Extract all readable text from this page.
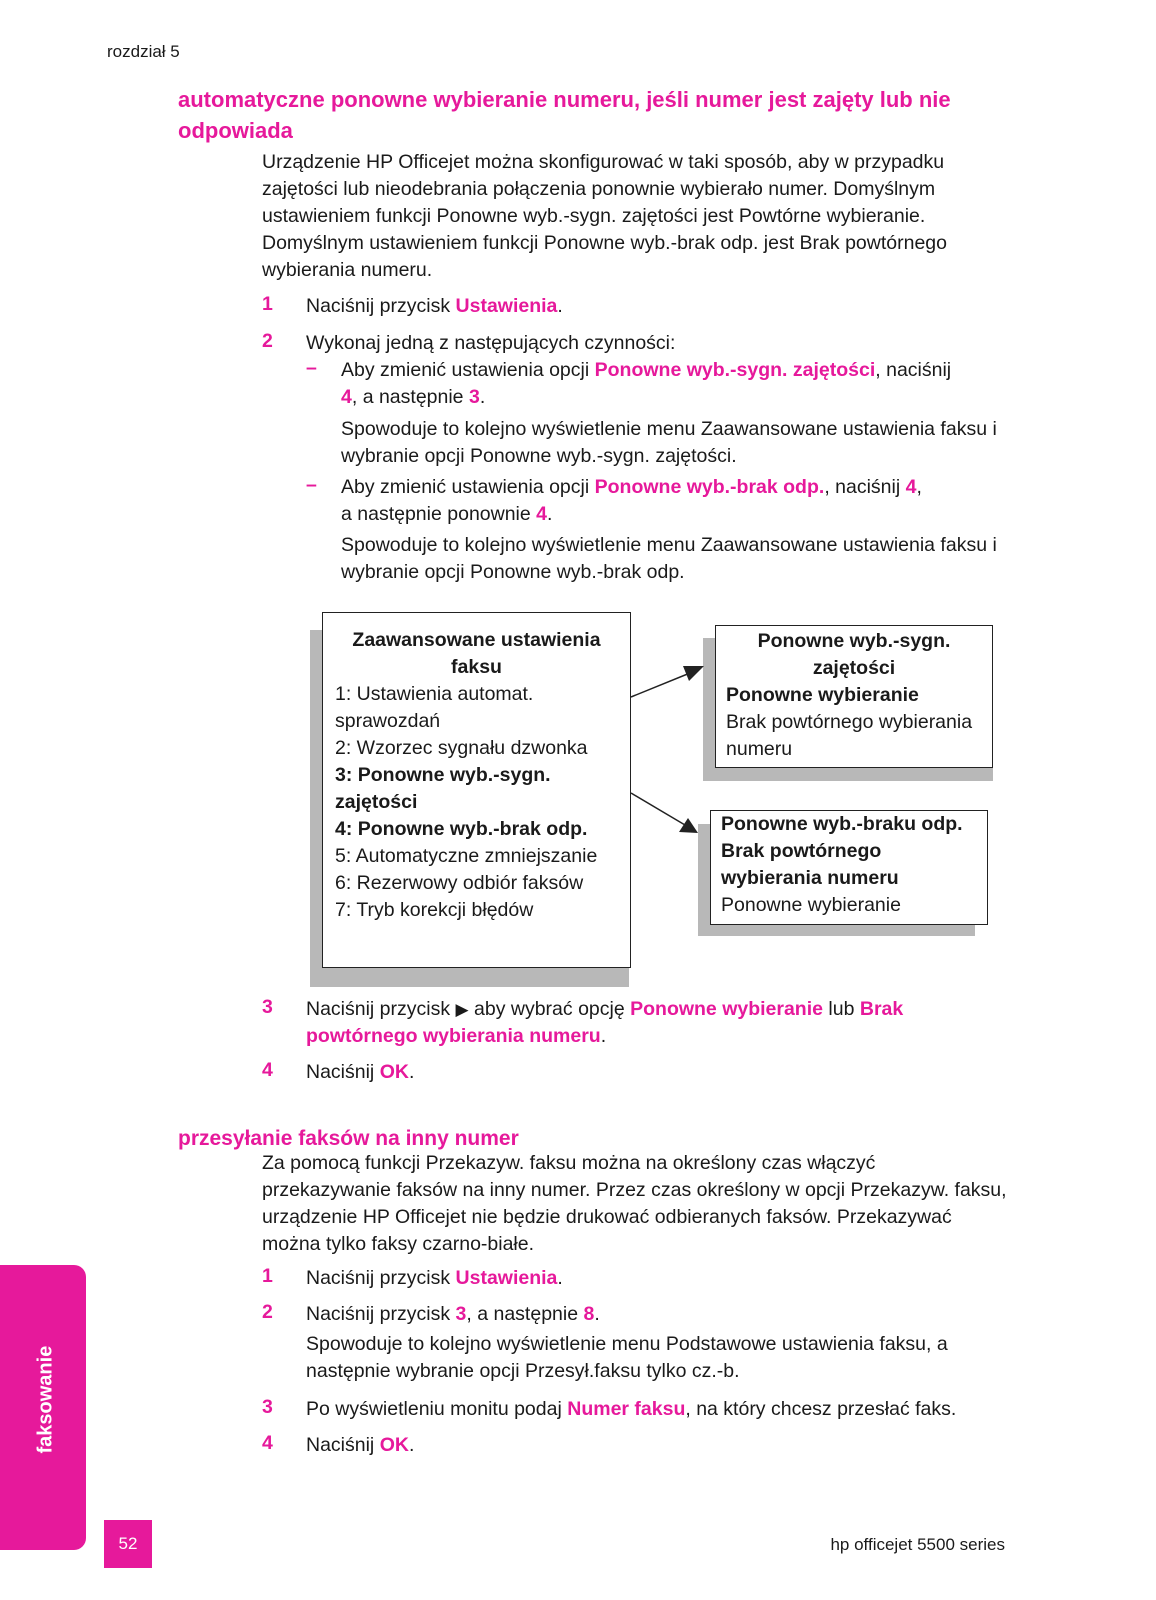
rozdział 5
automatyczne ponowne wybieranie numeru, jeśli numer jest zajęty lub nie odpowiada
Urządzenie HP Officejet można skonfigurować w taki sposób, aby w przypadku zajętości lub nieodebrania połączenia ponownie wybierało numer. Domyślnym ustawieniem funkcji Ponowne wyb.-sygn. zajętości jest Powtórne wybieranie. Domyślnym ustawieniem funkcji Ponowne wyb.-brak odp. jest Brak powtórnego wybierania numeru.
1 Naciśnij przycisk Ustawienia.
2 Wykonaj jedną z następujących czynności:
– Aby zmienić ustawienia opcji Ponowne wyb.-sygn. zajętości, naciśnij
4, a następnie 3.
Spowoduje to kolejno wyświetlenie menu Zaawansowane ustawienia faksu i wybranie opcji Ponowne wyb.-sygn. zajętości.
– Aby zmienić ustawienia opcji Ponowne wyb.-brak odp., naciśnij 4,
a następnie ponownie 4.
Spowoduje to kolejno wyświetlenie menu Zaawansowane ustawienia faksu i wybranie opcji Ponowne wyb.-brak odp.
Zaawansowane ustawienia faksu
1: Ustawienia automat. sprawozdań
2: Wzorzec sygnału dzwonka
3: Ponowne wyb.-sygn. zajętości
4: Ponowne wyb.-brak odp.
5: Automatyczne zmniejszanie
6: Rezerwowy odbiór faksów
7: Tryb korekcji błędów
Ponowne wyb.-sygn. zajętości
Ponowne wybieranie
Brak powtórnego wybierania numeru
Ponowne wyb.-braku odp.
Brak powtórnego wybierania numeru
Ponowne wybieranie
3 Naciśnij przycisk ▶ aby wybrać opcję Ponowne wybieranie lub Brak
powtórnego wybierania numeru.
4 Naciśnij OK.
przesyłanie faksów na inny numer
Za pomocą funkcji Przekazyw. faksu można na określony czas włączyć przekazywanie faksów na inny numer. Przez czas określony w opcji Przekazyw. faksu, urządzenie HP Officejet nie będzie drukować odbieranych faksów. Przekazywać można tylko faksy czarno-białe.
1 Naciśnij przycisk Ustawienia.
2 Naciśnij przycisk 3, a następnie 8.
Spowoduje to kolejno wyświetlenie menu Podstawowe ustawienia faksu, a następnie wybranie opcji Przesył.faksu tylko cz.-b.
3 Po wyświetleniu monitu podaj Numer faksu, na który chcesz przesłać faks.
4 Naciśnij OK.
faksowanie
52	hp officejet 5500 series
